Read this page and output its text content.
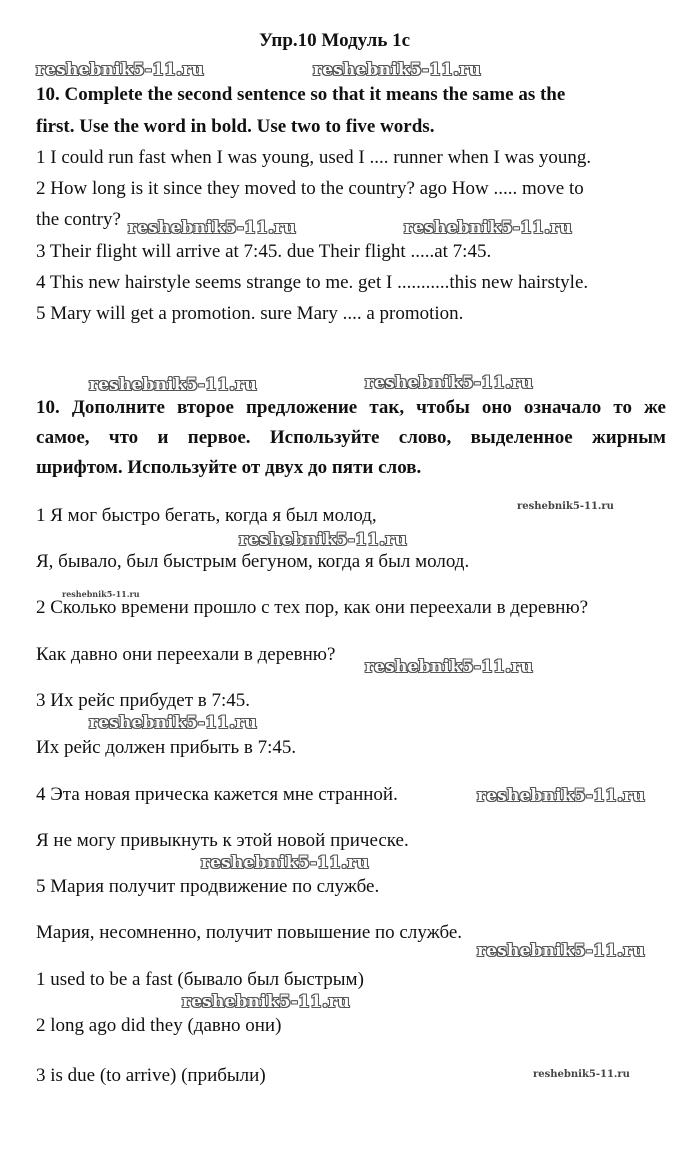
Упр.10 Модуль 1с
reshebnik5-11.ru	reshebnik5-11.ru
10. Complete the second sentence so that it means the same as the
first. Use the word in bold. Use two to five words.
1 I could run fast when I was young, used I .... runner when I was young.
2 How long is it since they moved to the country? ago How ..... move to
the contry? reshebnik5-11.ru	reshebnik5-11.ru
3 Their flight will arrive at 7:45. due Their flight .....at 7:45.
4 This new hairstyle seems strange to me. get I ...........this new hairstyle.
5 Mary will get a promotion. sure Mary .... a promotion.
reshebnik5-11.ru	reshebnik5-11.ru
10. Дополните второе предложение так, чтобы оно означало то же
самое, что и первое. Используйте слово, выделенное жирным
шрифтом. Используйте от двух до пяти слов.
1 Я мог быстро бегать, когда я был молод,	reshebnik5-11.ru
reshebnik5-11.ru
Я, бывало, был быстрым бегуном, когда я был молод.
reshebnik5-11.ru
2 Сколько времени прошло с тех пор, как они переехали в деревню?
Как давно они переехали в деревню?
reshebnik5-11.ru
3 Их рейс прибудет в 7:45.
reshebnik5-11.ru
Их рейс должен прибыть в 7:45.
4 Эта новая прическа кажется мне странной.	reshebnik5-11.ru
Я не могу привыкнуть к этой новой прическе.
reshebnik5-11.ru
5 Мария получит продвижение по службе.
Мария, несомненно, получит повышение по службе.
reshebnik5-11.ru
1 used to be a fast (бывало был быстрым)
reshebnik5-11.ru
2 long ago did they (давно они)
3 is due (to arrive) (прибыли)	reshebnik5-11.ru
